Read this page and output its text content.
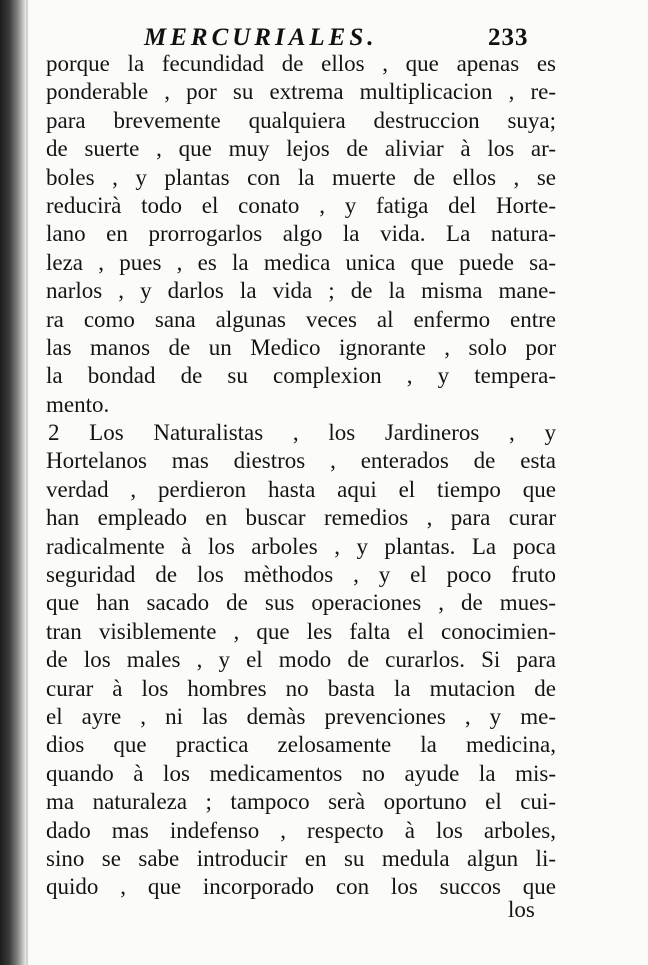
MERCURIALES.	233
porque la fecundidad de ellos , que apenas es
ponderable , por su extrema multiplicacion , re-
para brevemente qualquiera destruccion suya;
de suerte , que muy lejos de aliviar à los ar-
boles , y plantas con la muerte de ellos , se
reducirà todo el conato , y fatiga del Horte-
lano en prorrogarlos algo la vida. La natura-
leza , pues , es la medica unica que puede sa-
narlos , y darlos la vida ; de la misma mane-
ra como sana algunas veces al enfermo entre
las manos de un Medico ignorante , solo por
la bondad de su complexion , y tempera-
mento.
2 Los Naturalistas , los Jardineros , y
Hortelanos mas diestros , enterados de esta
verdad , perdieron hasta aqui el tiempo que
han empleado en buscar remedios , para curar
radicalmente à los arboles , y plantas. La poca
seguridad de los mèthodos , y el poco fruto
que han sacado de sus operaciones , de mues-
tran visiblemente , que les falta el conocimien-
de los males , y el modo de curarlos. Si para
curar à los hombres no basta la mutacion de
el ayre , ni las demàs prevenciones , y me-
dios que practica zelosamente la medicina,
quando à los medicamentos no ayude la mis-
ma naturaleza ; tampoco serà oportuno el cui-
dado mas indefenso , respecto à los arboles,
sino se sabe introducir en su medula algun li-
quido , que incorporado con los succos que
los
